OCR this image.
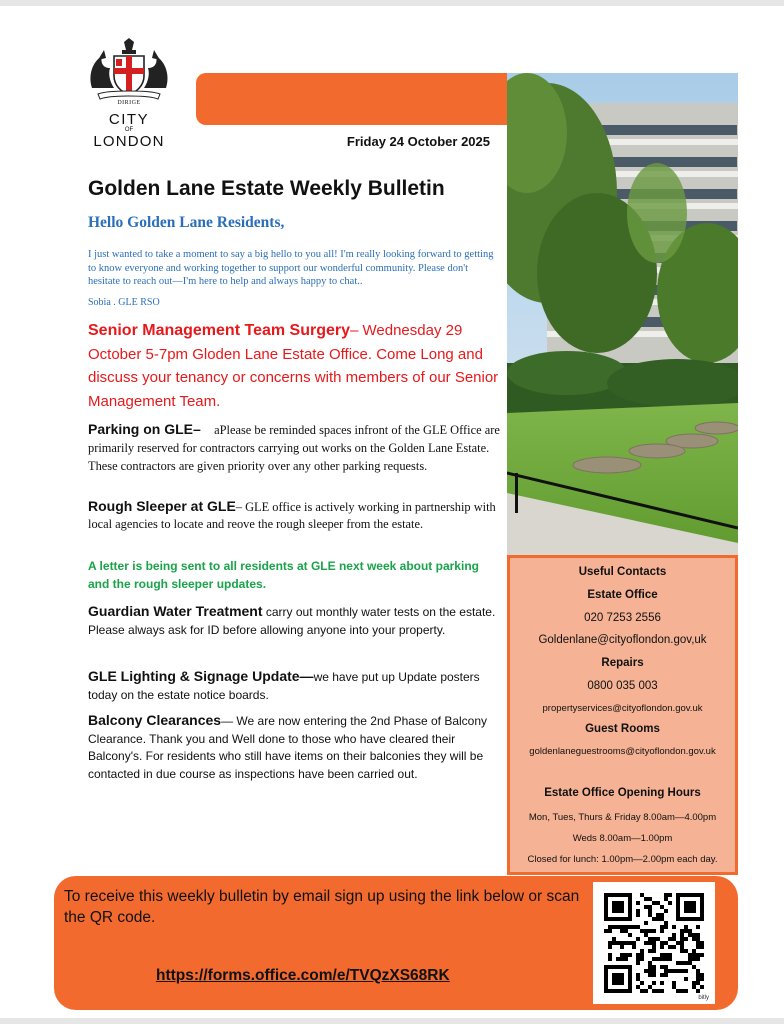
DIRIGE
CITY
OF
LONDON	Friday 24 October 2025
Golden Lane Estate Weekly Bulletin
Hello Golden Lane Residents,
I just wanted to take a moment to say a big hello to you all! I'm really looking forward to getting to know everyone and working together to support our wonderful community. Please don't hesitate to reach out—I'm here to help and always happy to chat..
Sobia . GLE RSO
Senior Management Team Surgery– Wednesday 29 October 5-7pm Gloden Lane Estate Office. Come Long and discuss your tenancy or concerns with members of our Senior Management Team.
Parking on GLE– aPlease be reminded spaces infront of the GLE Office are primarily reserved for contractors carrying out works on the Golden Lane Estate. These contractors are given priority over any other parking requests.
Rough Sleeper at GLE– GLE office is actively working in partnership with local agencies to locate and reove the rough sleeper from the estate.
A letter is being sent to all residents at GLE next week about parking and the rough sleeper updates.
Guardian Water Treatment carry out monthly water tests on the estate. Please always ask for ID before allowing anyone into your property.
GLE Lighting & Signage Update—we have put up Update posters today on the estate notice boards.
Balcony Clearances— We are now entering the 2nd Phase of Balcony Clearance. Thank you and Well done to those who have cleared their Balcony's. For residents who still have items on their balconies they will be contacted in due course as inspections have been carried out.
Useful Contacts
Estate Office
020 7253 2556
Goldenlane@cityoflondon.gov,uk
Repairs
0800 035 003
propertyservices@cityoflondon.gov.uk
Guest Rooms
goldenlaneguestrooms@cityoflondon.gov.uk
Estate Office Opening Hours
Mon, Tues, Thurs & Friday 8.00am—4.00pm
Weds 8.00am—1.00pm
Closed for lunch: 1.00pm—2.00pm each day.
To receive this weekly bulletin by email sign up using the link below or scan the QR code.
https://forms.office.com/e/TVQzXS68RK
bitly
